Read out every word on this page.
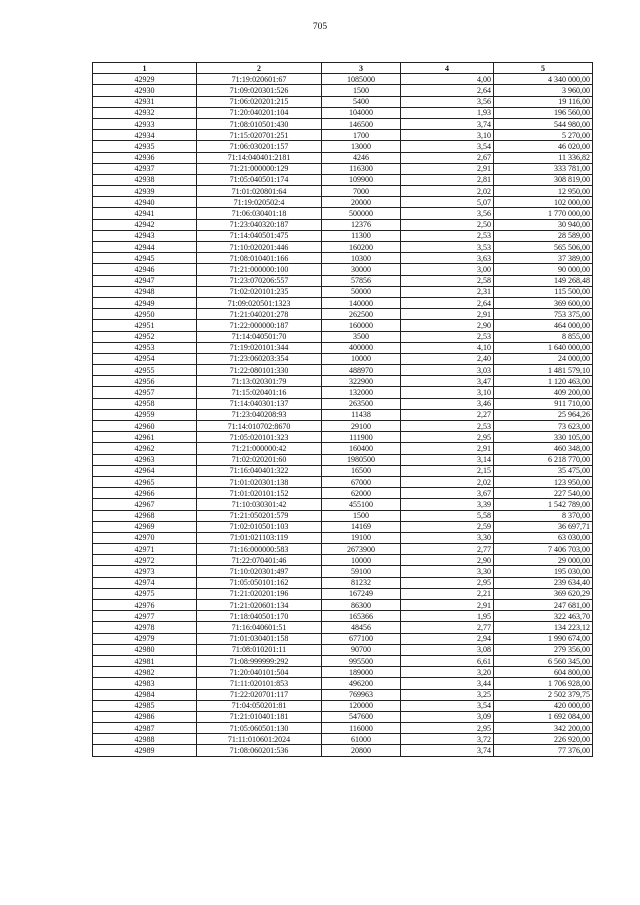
705
1	2	3	4	5
42929	71:19:020601:67	1085000	4,00	4 340 000,00
42930	71:09:020301:526	1500	2,64	3 960,00
42931	71:06:020201:215	5400	3,56	19 116,00
42932	71:20:040201:104	104000	1,93	196 560,00
42933	71:08:010501:430	146500	3,74	544 980,00
42934	71:15:020701:251	1700	3,10	5 270,00
42935	71:06:030201:157	13000	3,54	46 020,00
42936	71:14:040401:2181	4246	2,67	11 336,82
42937	71:21:000000:129	116300	2,91	333 781,00
42938	71:05:040501:174	109900	2,81	308 819,00
42939	71:01:020801:64	7000	2,02	12 950,00
42940	71:19:020502:4	20000	5,07	102 000,00
42941	71:06:030401:18	500000	3,56	1 770 000,00
42942	71:23:040320:187	12376	2,50	30 940,00
42943	71:14:040501:475	11300	2,53	28 589,00
42944	71:10:020201:446	160200	3,53	565 506,00
42945	71:08:010401:166	10300	3,63	37 389,00
42946	71:21:000000:100	30000	3,00	90 000,00
42947	71:23:070206:557	57856	2,58	149 268,48
42948	71:02:020101:235	50000	2,31	115 500,00
42949	71:09:020501:1323	140000	2,64	369 600,00
42950	71:21:040201:278	262500	2,91	753 375,00
42951	71:22:000000:187	160000	2,90	464 000,00
42952	71:14:040501:70	3500	2,53	8 855,00
42953	71:19:020101:344	400000	4,10	1 640 000,00
42954	71:23:060203:354	10000	2,40	24 000,00
42955	71:22:080101:330	488970	3,03	1 481 579,10
42956	71:13:020301:79	322900	3,47	1 120 463,00
42957	71:15:020401:16	132000	3,10	409 200,00
42958	71:14:040301:137	263500	3,46	911 710,00
42959	71:23:040208:93	11438	2,27	25 964,26
42960	71:14:010702:8670	29100	2,53	73 623,00
42961	71:05:020101:323	111900	2,95	330 105,00
42962	71:21:000000:42	160400	2,91	460 348,00
42963	71:02:020201:60	1980500	3,14	6 218 770,00
42964	71:16:040401:322	16500	2,15	35 475,00
42965	71:01:020301:138	67000	2,02	123 950,00
42966	71:01:020101:152	62000	3,67	227 540,00
42967	71:10:030301:42	455100	3,39	1 542 789,00
42968	71:21:050201:579	1500	5,58	8 370,00
42969	71:02:010501:103	14169	2,59	36 697,71
42970	71:01:021103:119	19100	3,30	63 030,00
42971	71:16:000000:583	2673900	2,77	7 406 703,00
42972	71:22:070401:46	10000	2,90	29 000,00
42973	71:10:020301:497	59100	3,30	195 030,00
42974	71:05:050101:162	81232	2,95	239 634,40
42975	71:21:020201:196	167249	2,21	369 620,29
42976	71:21:020601:134	86300	2,91	247 681,00
42977	71:18:040501:170	165366	1,95	322 463,70
42978	71:16:040601:51	48456	2,77	134 223,12
42979	71:01:030401:158	677100	2,94	1 990 674,00
42980	71:08:010201:11	90700	3,08	279 356,00
42981	71:08:999999:292	995500	6,61	6 560 345,00
42982	71:20:040101:504	189000	3,20	604 800,00
42983	71:11:020101:853	496200	3,44	1 706 928,00
42984	71:22:020701:117	769963	3,25	2 502 379,75
42985	71:04:050201:81	120000	3,54	420 000,00
42986	71:21:010401:181	547600	3,09	1 692 084,00
42987	71:05:060501:130	116000	2,95	342 200,00
42988	71:11:010601:2024	61000	3,72	226 920,00
42989	71:08:060201:536	20800	3,74	77 376,00
